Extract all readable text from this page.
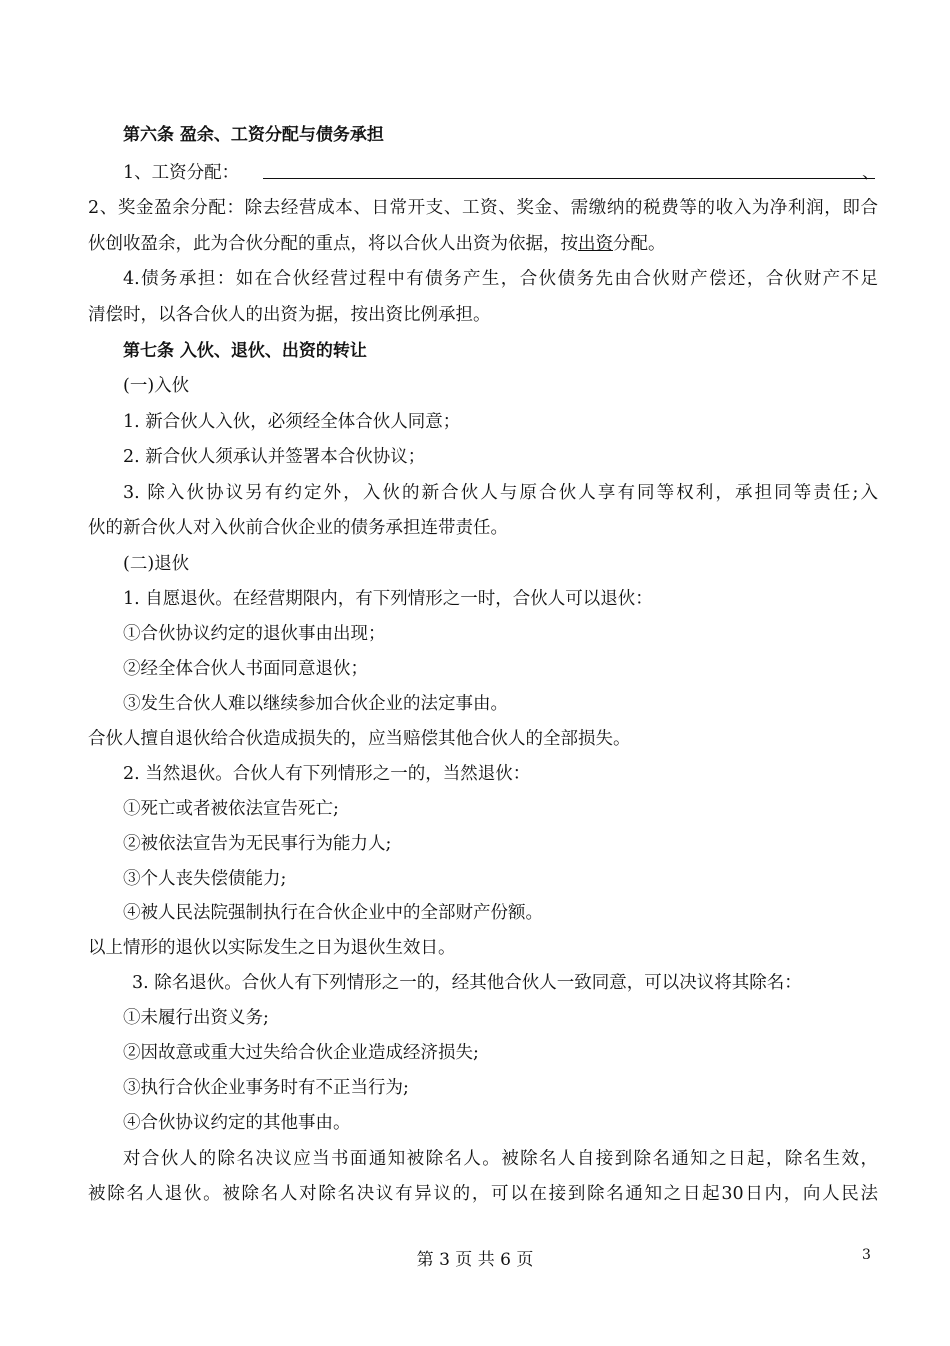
第六条 盈余、工资分配与债务承担
1、工资分配：	、
2、奖金盈余分配：除去经营成本、日常开支、工资、奖金、需缴纳的税费等的收入为净利润，即合
伙创收盈余，此为合伙分配的重点，将以合伙人出资为依据，按出资分配。
4.债务承担：如在合伙经营过程中有债务产生，合伙债务先由合伙财产偿还，合伙财产不足
清偿时，以各合伙人的出资为据，按出资比例承担。
第七条 入伙、退伙、出资的转让
(一)入伙
1. 新合伙人入伙，必须经全体合伙人同意；
2. 新合伙人须承认并签署本合伙协议；
3. 除入伙协议另有约定外，入伙的新合伙人与原合伙人享有同等权利，承担同等责任;入
伙的新合伙人对入伙前合伙企业的债务承担连带责任。
(二)退伙
1. 自愿退伙。在经营期限内，有下列情形之一时，合伙人可以退伙：
①合伙协议约定的退伙事由出现；
②经全体合伙人书面同意退伙；
③发生合伙人难以继续参加合伙企业的法定事由。
合伙人擅自退伙给合伙造成损失的，应当赔偿其他合伙人的全部损失。
2. 当然退伙。合伙人有下列情形之一的，当然退伙：
①死亡或者被依法宣告死亡;
②被依法宣告为无民事行为能力人;
③个人丧失偿债能力;
④被人民法院强制执行在合伙企业中的全部财产份额。
以上情形的退伙以实际发生之日为退伙生效日。
3. 除名退伙。合伙人有下列情形之一的，经其他合伙人一致同意，可以决议将其除名：
①未履行出资义务;
②因故意或重大过失给合伙企业造成经济损失;
③执行合伙企业事务时有不正当行为;
④合伙协议约定的其他事由。
对合伙人的除名决议应当书面通知被除名人。被除名人自接到除名通知之日起，除名生效，
被除名人退伙。被除名人对除名决议有异议的，可以在接到除名通知之日起30日内，向人民法
第 3 页 共 6 页	3
